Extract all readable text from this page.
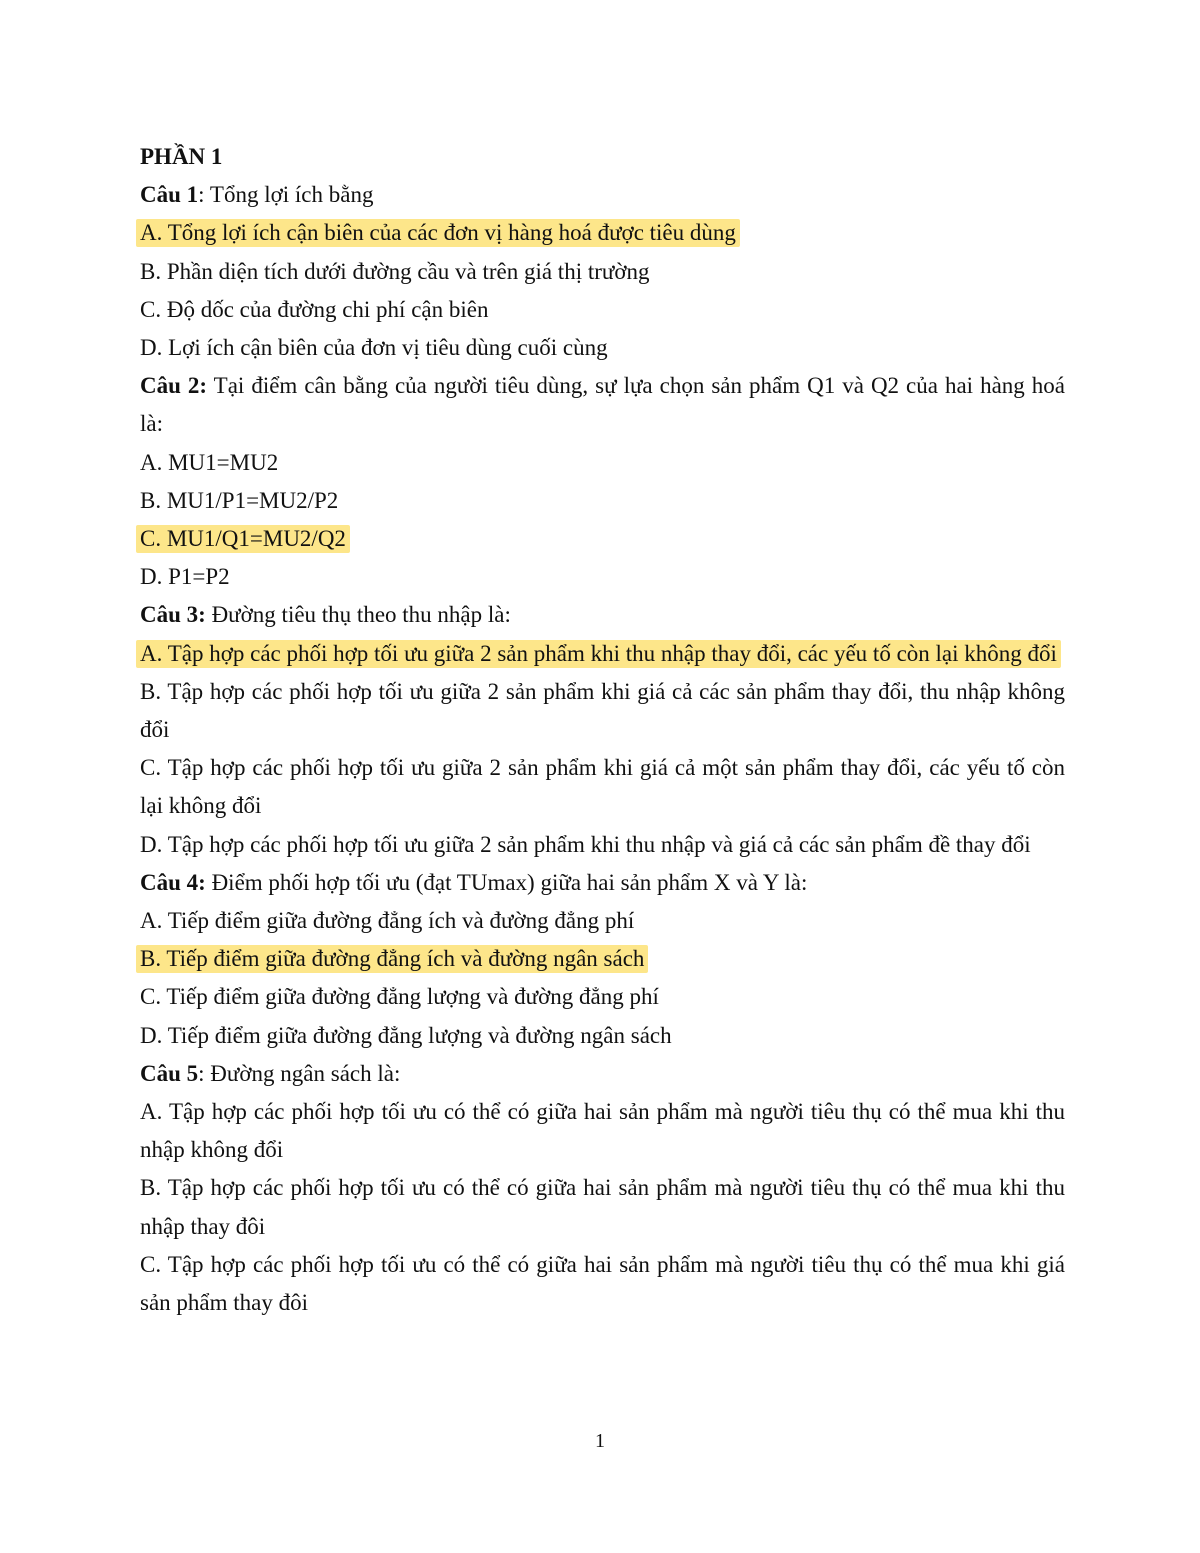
PHẦN 1
Câu 1: Tổng lợi ích bằng
A. Tổng lợi ích cận biên của các đơn vị hàng hoá được tiêu dùng
B. Phần diện tích dưới đường cầu và trên giá thị trường
C. Độ dốc của đường chi phí cận biên
D. Lợi ích cận biên của đơn vị tiêu dùng cuối cùng
Câu 2: Tại điểm cân bằng của người tiêu dùng, sự lựa chọn sản phẩm Q1 và Q2 của hai hàng hoá là:
A. MU1=MU2
B. MU1/P1=MU2/P2
C. MU1/Q1=MU2/Q2
D. P1=P2
Câu 3: Đường tiêu thụ theo thu nhập là:
A. Tập hợp các phối hợp tối ưu giữa 2 sản phẩm khi thu nhập thay đổi, các yếu tố còn lại không đổi
B. Tập hợp các phối hợp tối ưu giữa 2 sản phẩm khi giá cả các sản phẩm thay đổi, thu nhập không đổi
C. Tập hợp các phối hợp tối ưu giữa 2 sản phẩm khi giá cả một sản phẩm thay đổi, các yếu tố còn lại không đổi
D. Tập hợp các phối hợp tối ưu giữa 2 sản phẩm khi thu nhập và giá cả các sản phẩm đề thay đổi
Câu 4: Điểm phối hợp tối ưu (đạt TUmax) giữa hai sản phẩm X và Y là:
A. Tiếp điểm giữa đường đẳng ích và đường đẳng phí
B. Tiếp điểm giữa đường đẳng ích và đường ngân sách
C. Tiếp điểm giữa đường đẳng lượng và đường đẳng phí
D. Tiếp điểm giữa đường đẳng lượng và đường ngân sách
Câu 5: Đường ngân sách là:
A. Tập hợp các phối hợp tối ưu có thể có giữa hai sản phẩm mà người tiêu thụ có thể mua khi thu nhập không đổi
B. Tập hợp các phối hợp tối ưu có thể có giữa hai sản phẩm mà người tiêu thụ có thể mua khi thu nhập thay đôi
C. Tập hợp các phối hợp tối ưu có thể có giữa hai sản phẩm mà người tiêu thụ có thể mua khi giá sản phẩm thay đôi
1
